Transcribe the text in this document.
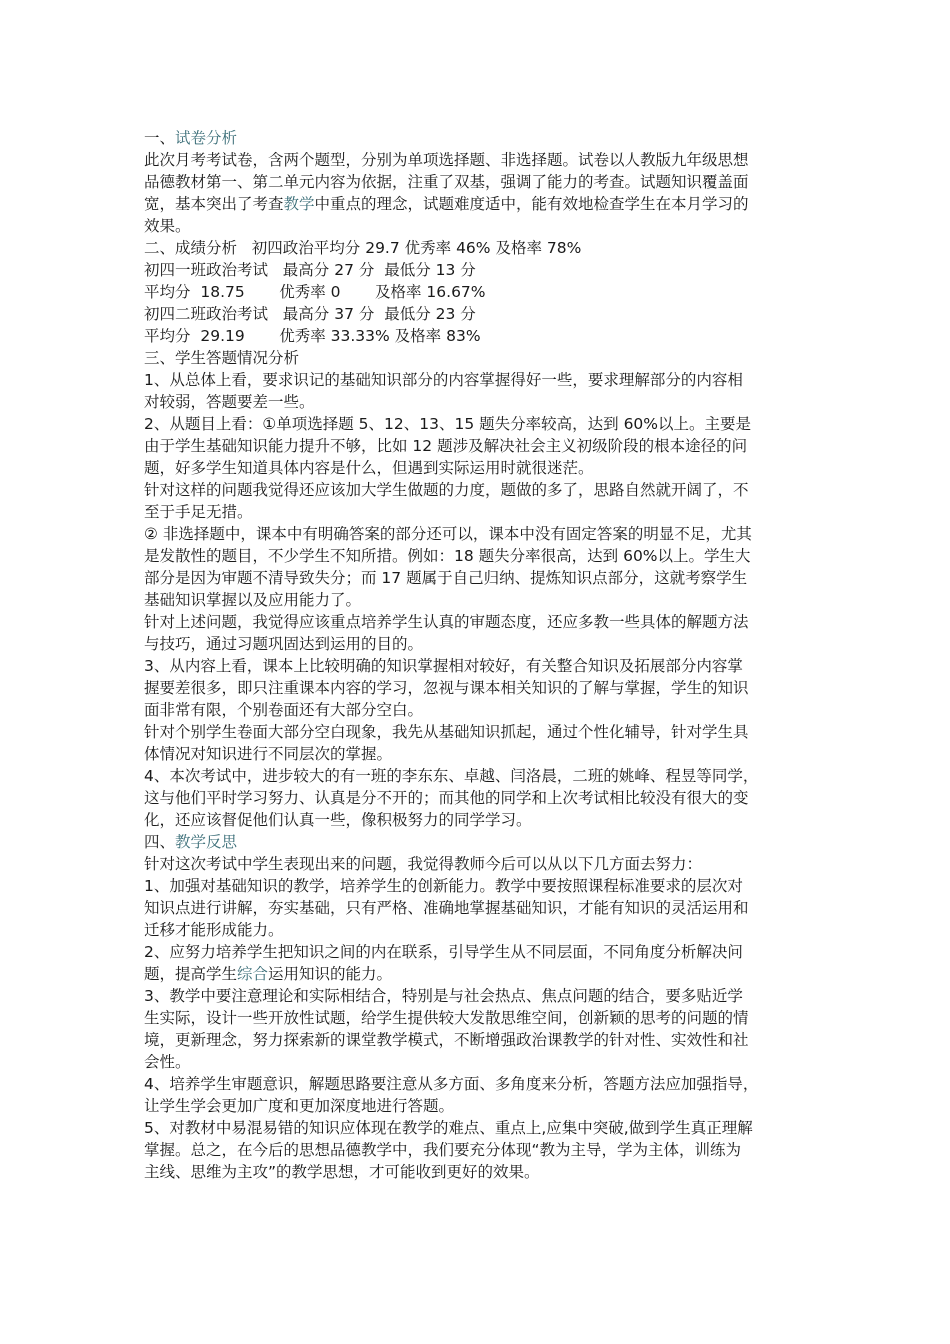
一、试卷分析
此次月考考试卷，含两个题型，分别为单项选择题、非选择题。试卷以人教版九年级思想
品德教材第一、第二单元内容为依据，注重了双基，强调了能力的考查。试题知识覆盖面
宽，基本突出了考查教学中重点的理念，试题难度适中，能有效地检查学生在本月学习的
效果。
二、成绩分析   初四政治平均分 29.7 优秀率 46% 及格率 78%
初四一班政治考试   最高分 27 分  最低分 13 分
平均分  18.75       优秀率 0       及格率 16.67%
初四二班政治考试   最高分 37 分  最低分 23 分
平均分  29.19       优秀率 33.33% 及格率 83%
三、学生答题情况分析
1、从总体上看，要求识记的基础知识部分的内容掌握得好一些，要求理解部分的内容相
对较弱，答题要差一些。
2、从题目上看：①单项选择题 5、12、13、15 题失分率较高，达到 60%以上。主要是
由于学生基础知识能力提升不够，比如 12 题涉及解决社会主义初级阶段的根本途径的问
题，好多学生知道具体内容是什么，但遇到实际运用时就很迷茫。
针对这样的问题我觉得还应该加大学生做题的力度，题做的多了，思路自然就开阔了，不
至于手足无措。
② 非选择题中，课本中有明确答案的部分还可以，课本中没有固定答案的明显不足，尤其
是发散性的题目，不少学生不知所措。例如：18 题失分率很高，达到 60%以上。学生大
部分是因为审题不清导致失分；而 17 题属于自己归纳、提炼知识点部分，这就考察学生
基础知识掌握以及应用能力了。
针对上述问题，我觉得应该重点培养学生认真的审题态度，还应多教一些具体的解题方法
与技巧，通过习题巩固达到运用的目的。
3、从内容上看，课本上比较明确的知识掌握相对较好，有关整合知识及拓展部分内容掌
握要差很多，即只注重课本内容的学习，忽视与课本相关知识的了解与掌握，学生的知识
面非常有限，个别卷面还有大部分空白。
针对个别学生卷面大部分空白现象，我先从基础知识抓起，通过个性化辅导，针对学生具
体情况对知识进行不同层次的掌握。
4、本次考试中，进步较大的有一班的李东东、卓越、闫洛晨，二班的姚峰、程昱等同学，
这与他们平时学习努力、认真是分不开的；而其他的同学和上次考试相比较没有很大的变
化，还应该督促他们认真一些，像积极努力的同学学习。
四、教学反思
针对这次考试中学生表现出来的问题，我觉得教师今后可以从以下几方面去努力：
1、加强对基础知识的教学，培养学生的创新能力。教学中要按照课程标准要求的层次对
知识点进行讲解，夯实基础，只有严格、准确地掌握基础知识，才能有知识的灵活运用和
迁移才能形成能力。
2、应努力培养学生把知识之间的内在联系，引导学生从不同层面，不同角度分析解决问
题，提高学生综合运用知识的能力。
3、教学中要注意理论和实际相结合，特别是与社会热点、焦点问题的结合，要多贴近学
生实际，设计一些开放性试题，给学生提供较大发散思维空间，创新颖的思考的问题的情
境，更新理念，努力探索新的课堂教学模式，不断增强政治课教学的针对性、实效性和社
会性。
4、培养学生审题意识，解题思路要注意从多方面、多角度来分析，答题方法应加强指导，
让学生学会更加广度和更加深度地进行答题。
5、对教材中易混易错的知识应体现在教学的难点、重点上,应集中突破,做到学生真正理解
掌握。总之，在今后的思想品德教学中，我们要充分体现“教为主导，学为主体，训练为
主线、思维为主攻”的教学思想，才可能收到更好的效果。
